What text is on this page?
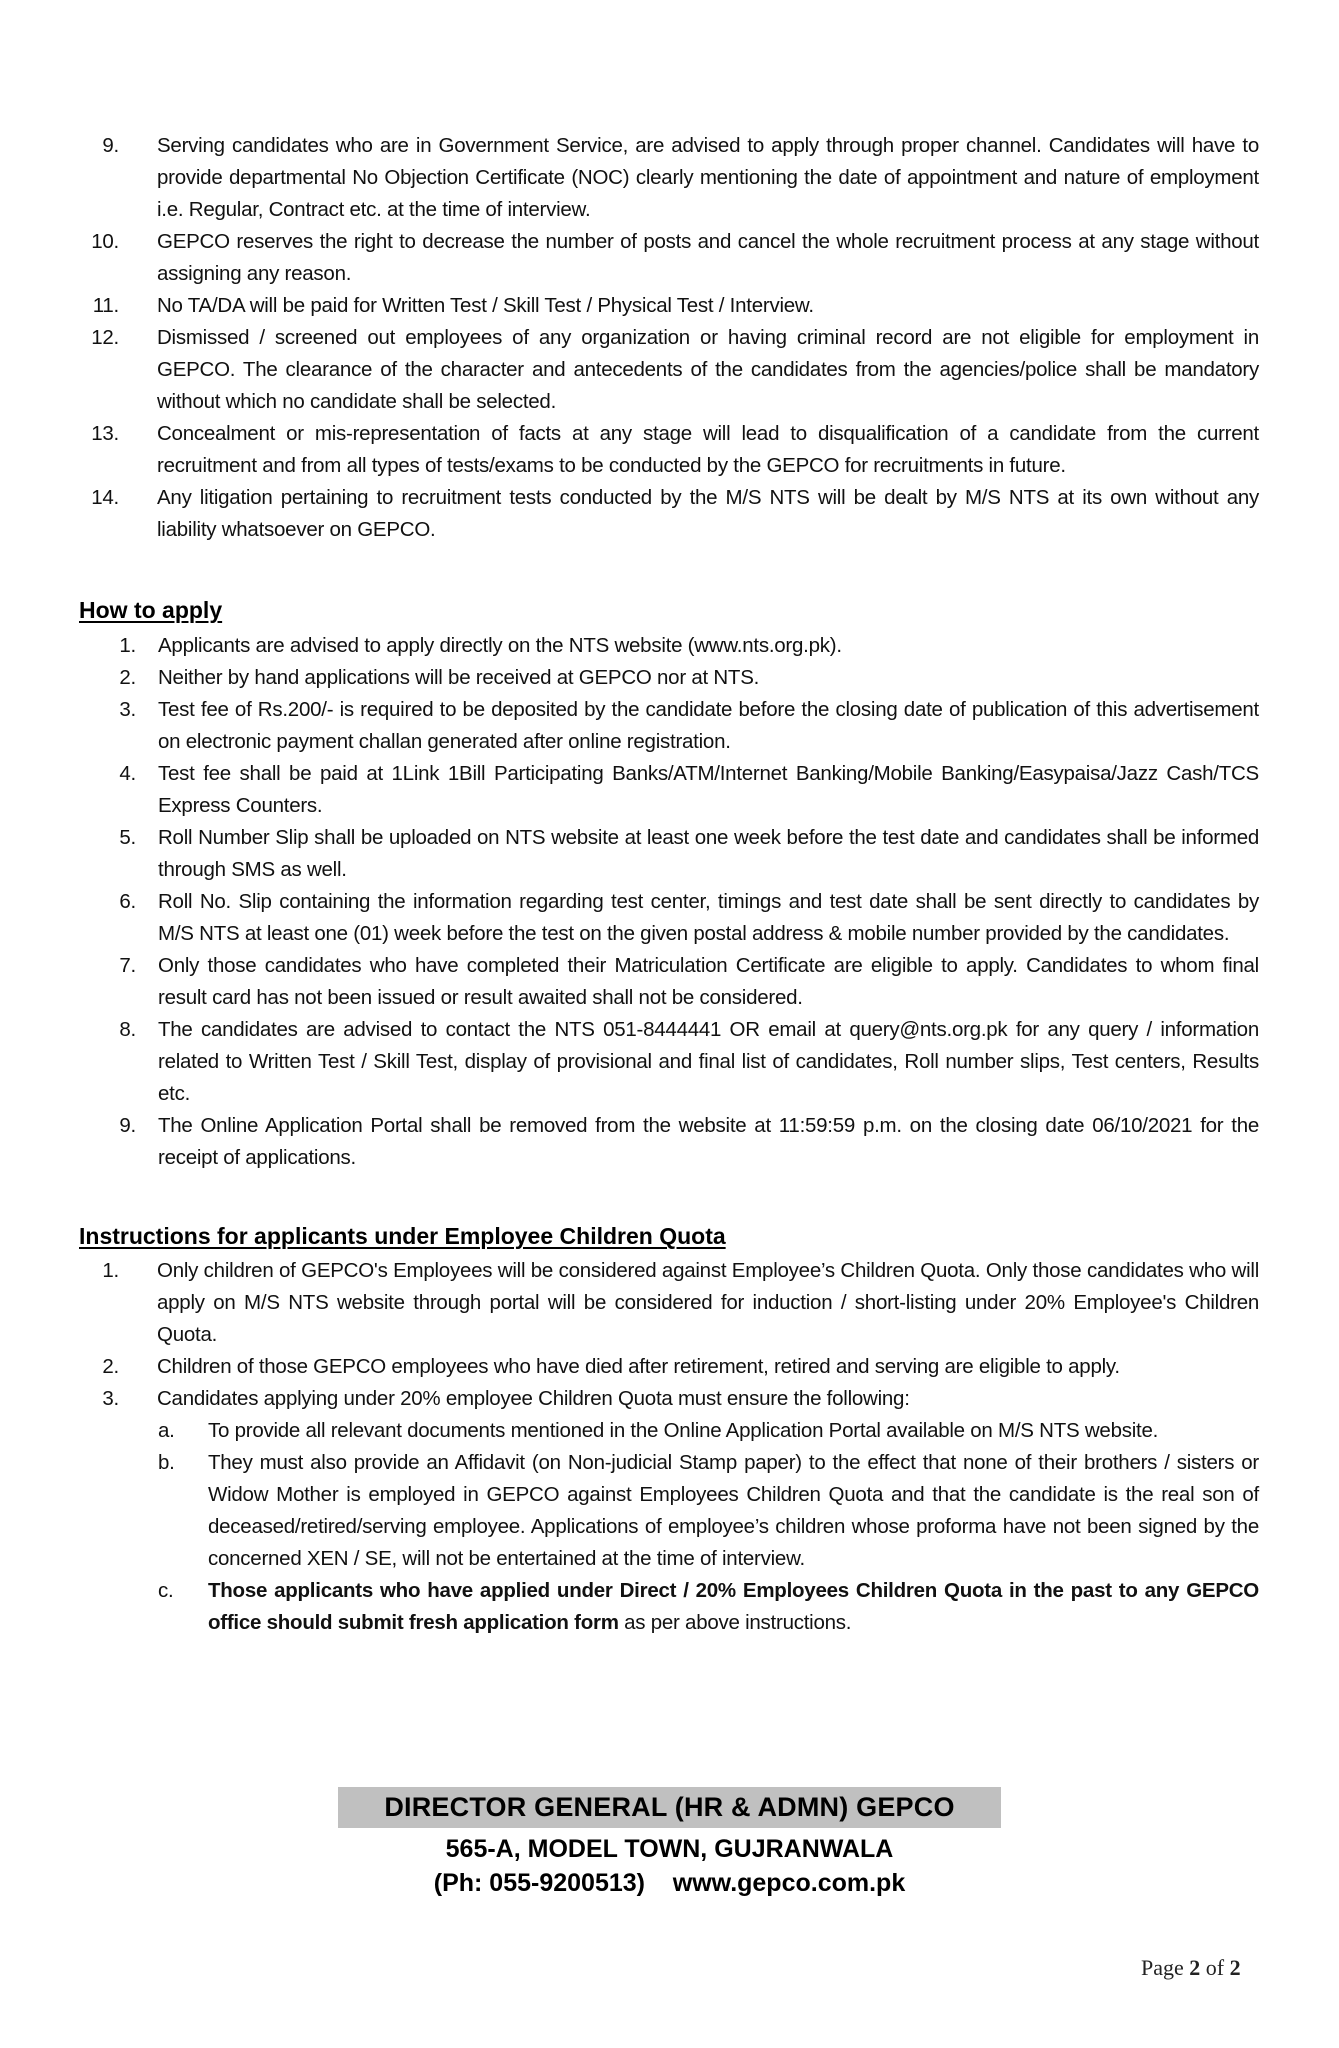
9. Serving candidates who are in Government Service, are advised to apply through proper channel. Candidates will have to provide departmental No Objection Certificate (NOC) clearly mentioning the date of appointment and nature of employment i.e. Regular, Contract etc. at the time of interview.
10. GEPCO reserves the right to decrease the number of posts and cancel the whole recruitment process at any stage without assigning any reason.
11. No TA/DA will be paid for Written Test / Skill Test / Physical Test / Interview.
12. Dismissed / screened out employees of any organization or having criminal record are not eligible for employment in GEPCO. The clearance of the character and antecedents of the candidates from the agencies/police shall be mandatory without which no candidate shall be selected.
13. Concealment or mis-representation of facts at any stage will lead to disqualification of a candidate from the current recruitment and from all types of tests/exams to be conducted by the GEPCO for recruitments in future.
14. Any litigation pertaining to recruitment tests conducted by the M/S NTS will be dealt by M/S NTS at its own without any liability whatsoever on GEPCO.
How to apply
1. Applicants are advised to apply directly on the NTS website (www.nts.org.pk).
2. Neither by hand applications will be received at GEPCO nor at NTS.
3. Test fee of Rs.200/- is required to be deposited by the candidate before the closing date of publication of this advertisement on electronic payment challan generated after online registration.
4. Test fee shall be paid at 1Link 1Bill Participating Banks/ATM/Internet Banking/Mobile Banking/Easypaisa/Jazz Cash/TCS Express Counters.
5. Roll Number Slip shall be uploaded on NTS website at least one week before the test date and candidates shall be informed through SMS as well.
6. Roll No. Slip containing the information regarding test center, timings and test date shall be sent directly to candidates by M/S NTS at least one (01) week before the test on the given postal address & mobile number provided by the candidates.
7. Only those candidates who have completed their Matriculation Certificate are eligible to apply. Candidates to whom final result card has not been issued or result awaited shall not be considered.
8. The candidates are advised to contact the NTS 051-8444441 OR email at query@nts.org.pk for any query / information related to Written Test / Skill Test, display of provisional and final list of candidates, Roll number slips, Test centers, Results etc.
9. The Online Application Portal shall be removed from the website at 11:59:59 p.m. on the closing date 06/10/2021 for the receipt of applications.
Instructions for applicants under Employee Children Quota
1. Only children of GEPCO's Employees will be considered against Employee’s Children Quota. Only those candidates who will apply on M/S NTS website through portal will be considered for induction / short-listing under 20% Employee's Children Quota.
2. Children of those GEPCO employees who have died after retirement, retired and serving are eligible to apply.
3. Candidates applying under 20% employee Children Quota must ensure the following:
a.	To provide all relevant documents mentioned in the Online Application Portal available on M/S NTS website.
b.	They must also provide an Affidavit (on Non-judicial Stamp paper) to the effect that none of their brothers / sisters or Widow Mother is employed in GEPCO against Employees Children Quota and that the candidate is the real son of deceased/retired/serving employee. Applications of employee’s children whose proforma have not been signed by the concerned XEN / SE, will not be entertained at the time of interview.
c.	Those applicants who have applied under Direct / 20% Employees Children Quota in the past to any GEPCO office should submit fresh application form as per above instructions.
DIRECTOR GENERAL (HR & ADMN) GEPCO
565-A, MODEL TOWN, GUJRANWALA
(Ph: 055-9200513)    www.gepco.com.pk
Page 2 of 2
